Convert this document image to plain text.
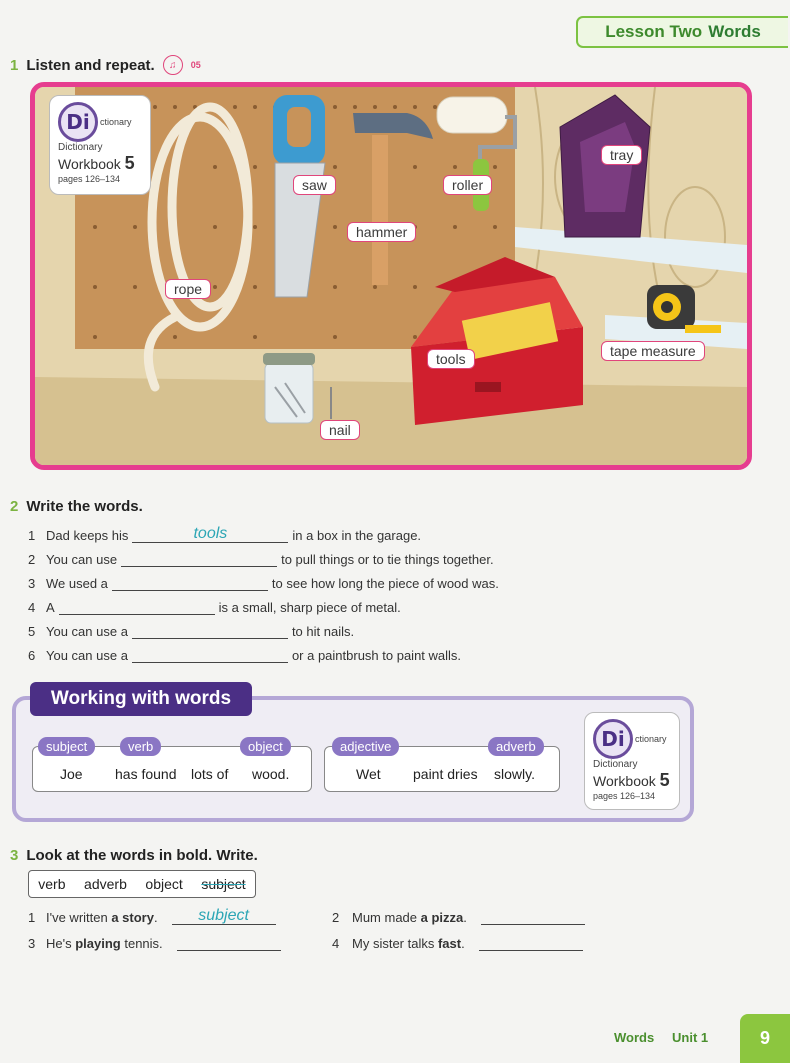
Lesson Two Words
1 Listen and repeat.	♫	05
Di	ctionary
Dictionary
Workbook 5
pages 126–134	saw	roller
tray
hammer
rope
tools	tape measure
nail
2 Write the words.
1 Dad keeps his	tools	in a box in the garage.
2 You can use	to pull things or to tie things together.
3 We used a	to see how long the piece of wood was.
4 A	is a small, sharp piece of metal.
5 You can use a	to hit nails.
6 You can use a	or a paintbrush to paint walls.
Working with words
subject	verb	object
Joe has found lots of wood.
adjective	adverb
Wet paint dries slowly.
Di	ctionary
Dictionary
Workbook 5
pages 126–134
3 Look at the words in bold. Write.
verb adverb object subject
1 I've written a story .	subject	2 Mum made a pizza .
3 He's playing tennis.	4 My sister talks fast .
Words Unit 1	9
